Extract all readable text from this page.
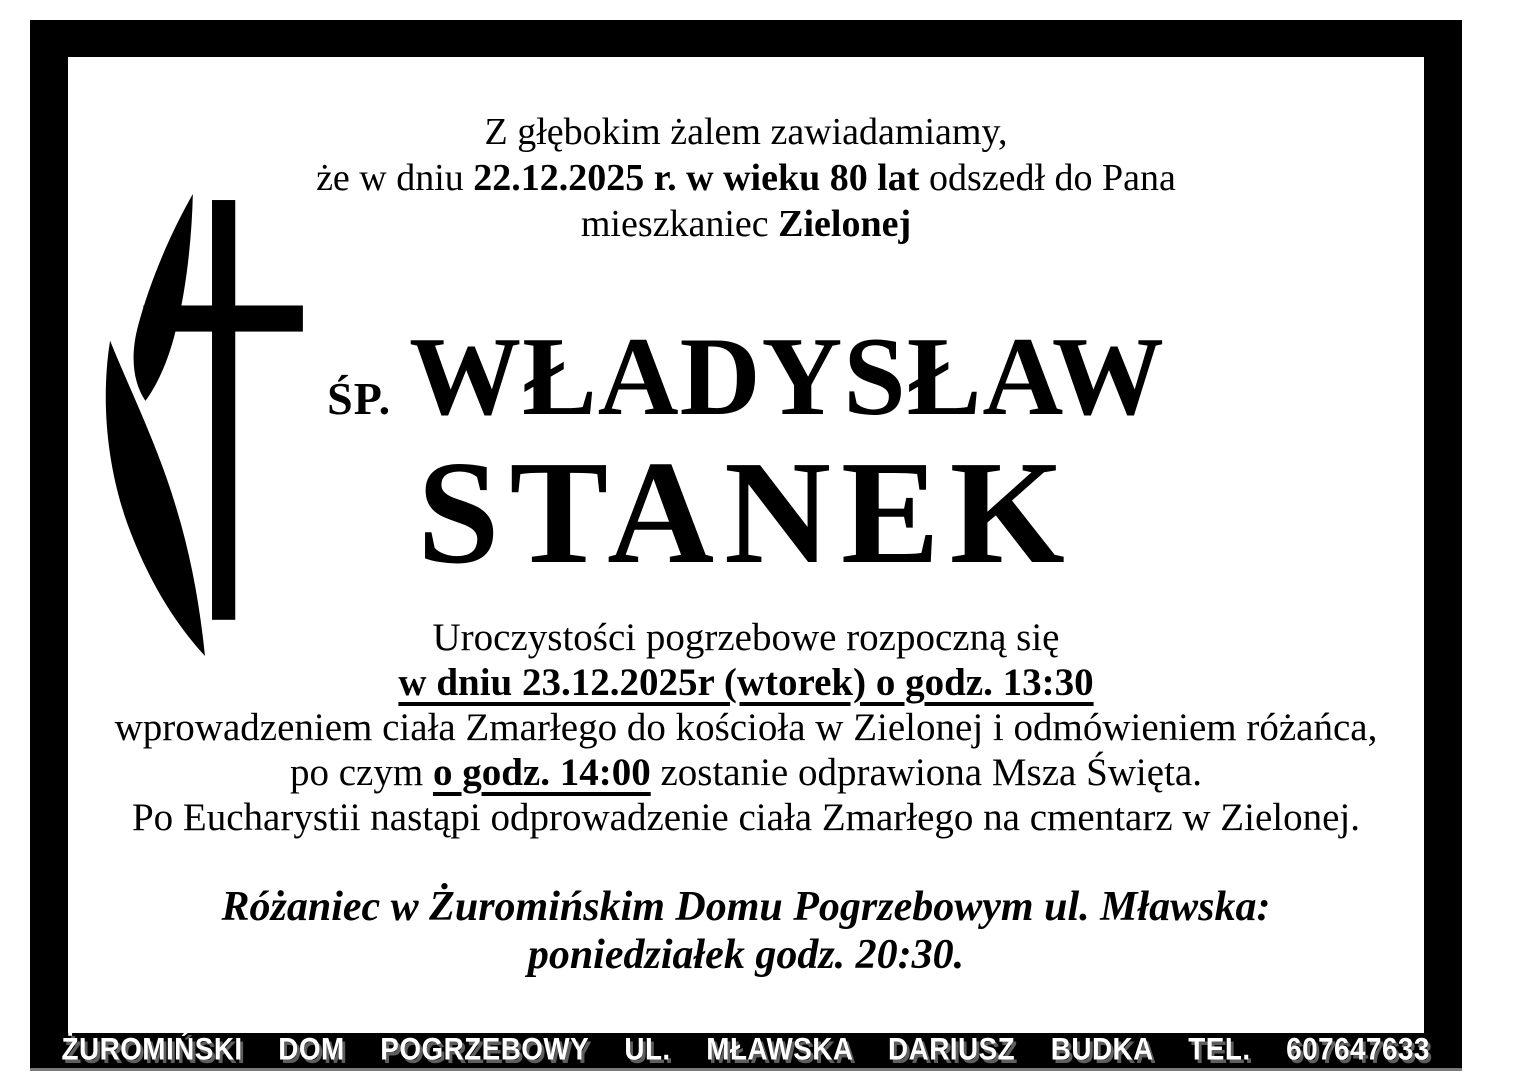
Z głębokim żalem zawiadamiamy,
że w dniu 22.12.2025 r. w wieku 80 lat odszedł do Pana
mieszkaniec Zielonej
ŚP. WŁADYSŁAW
STANEK
Uroczystości pogrzebowe rozpoczną się
w dniu 23.12.2025r (wtorek) o godz. 13:30
wprowadzeniem ciała Zmarłego do kościoła w Zielonej i odmówieniem różańca,
po czym o godz. 14:00 zostanie odprawiona Msza Święta.
Po Eucharystii nastąpi odprowadzenie ciała Zmarłego na cmentarz w Zielonej.
Różaniec w Żuromińskim Domu Pogrzebowym ul. Mławska:
poniedziałek godz. 20:30.
ŻUROMIŃSKI  DOM  POGRZEBOWY  UL.  MŁAWSKA  DARIUSZ  BUDKA  TEL.  607647633
